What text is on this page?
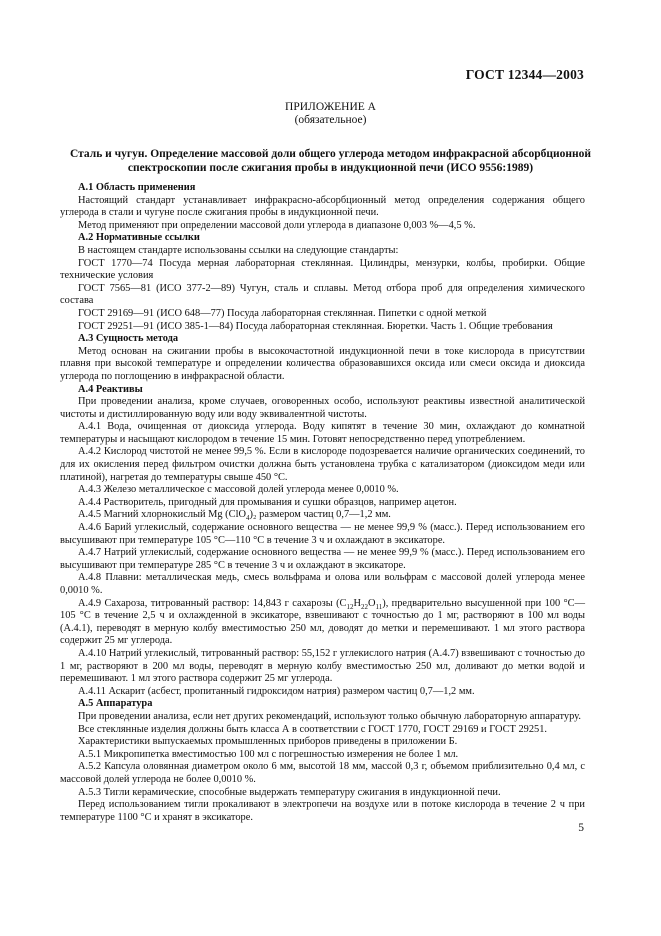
ГОСТ 12344—2003
ПРИЛОЖЕНИЕ А
(обязательное)
Сталь и чугун. Определение массовой доли общего углерода методом инфракрасной абсорбционной спектроскопии после сжигания пробы в индукционной печи (ИСО 9556:1989)

А.1 Область применения

Настоящий стандарт устанавливает инфракрасно-абсорбционный метод определения содержания общего углерода в стали и чугуне после сжигания пробы в индукционной печи.

Метод применяют при определении массовой доли углерода в диапазоне 0,003 %—4,5 %.

А.2 Нормативные ссылки

В настоящем стандарте использованы ссылки на следующие стандарты:

ГОСТ 1770—74 Посуда мерная лабораторная стеклянная. Цилиндры, мензурки, колбы, пробирки. Общие технические условия

ГОСТ 7565—81 (ИСО 377-2—89) Чугун, сталь и сплавы. Метод отбора проб для определения химического состава

ГОСТ 29169—91 (ИСО 648—77) Посуда лабораторная стеклянная. Пипетки с одной меткой

ГОСТ 29251—91 (ИСО 385-1—84) Посуда лабораторная стеклянная. Бюретки. Часть 1. Общие требования

А.3 Сущность метода

Метод основан на сжигании пробы в высокочастотной индукционной печи в токе кислорода в присутствии плавня при высокой температуре и определении количества образовавшихся оксида или смеси оксида и диоксида углерода по поглощению в инфракрасной области.

А.4 Реактивы

При проведении анализа, кроме случаев, оговоренных особо, используют реактивы известной аналитической чистоты и дистиллированную воду или воду эквивалентной чистоты.

А.4.1 Вода, очищенная от диоксида углерода. Воду кипятят в течение 30 мин, охлаждают до комнатной температуры и насыщают кислородом в течение 15 мин. Готовят непосредственно перед употреблением.

А.4.2 Кислород чистотой не менее 99,5 %. Если в кислороде подозревается наличие органических соединений, то для их окисления перед фильтром очистки должна быть установлена трубка с катализатором (диоксидом меди или платиной), нагретая до температуры свыше 450 °С.

А.4.3 Железо металлическое с массовой долей углерода менее 0,0010 %.

А.4.4 Растворитель, пригодный для промывания и сушки образцов, например ацетон.

А.4.5 Магний хлорнокислый Mg (ClO$_4$)₂ размером частиц 0,7—1,2 мм.

А.4.6 Барий углекислый, содержание основного вещества — не менее 99,9 % (масс.). Перед использованием его высушивают при температуре 105 °С—110 °С в течение 3 ч и охлаждают в эксикаторе.

А.4.7 Натрий углекислый, содержание основного вещества — не менее 99,9 % (масс.). Перед использованием его высушивают при температуре 285 °С в течение 3 ч и охлаждают в эксикаторе.

А.4.8 Плавни: металлическая медь, смесь вольфрама и олова или вольфрам с массовой долей углерода менее 0,0010 %.

А.4.9 Сахароза, титрованный раствор: 14,843 г сахарозы $(C_{12}H_{22}O_{11})$, предварительно высушенной при 100 °С—105 °С в течение 2,5 ч и охлажденной в эксикаторе, взвешивают с точностью до 1 мг, растворяют в 100 мл воды (А.4.1), переводят в мерную колбу вместимостью 250 мл, доводят до метки и перемешивают. 1 мл этого раствора содержит 25 мг углерода.

А.4.10 Натрий углекислый, титрованный раствор: 55,152 г углекислого натрия (А.4.7) взвешивают с точностью до 1 мг, растворяют в 200 мл воды, переводят в мерную колбу вместимостью 250 мл, доливают до метки водой и перемешивают. 1 мл этого раствора содержит 25 мг углерода.

А.4.11 Аскарит (асбест, пропитанный гидроксидом натрия) размером частиц 0,7—1,2 мм.

А.5 Аппаратура

При проведении анализа, если нет других рекомендаций, используют только обычную лабораторную аппаратуру.

Все стеклянные изделия должны быть класса А в соответствии с ГОСТ 1770, ГОСТ 29169 и ГОСТ 29251.

Характеристики выпускаемых промышленных приборов приведены в приложении Б.

А.5.1 Микропипетка вместимостью 100 мл с погрешностью измерения не более 1 мл.

А.5.2 Капсула оловянная диаметром около 6 мм, высотой 18 мм, массой 0,3 г, объемом приблизительно 0,4 мл, с массовой долей углерода не более 0,0010 %.

А.5.3 Тигли керамические, способные выдержать температуру сжигания в индукционной печи.

Перед использованием тигли прокаливают в электропечи на воздухе или в потоке кислорода в течение 2 ч при температуре 1100 °С и хранят в эксикаторе.

5
